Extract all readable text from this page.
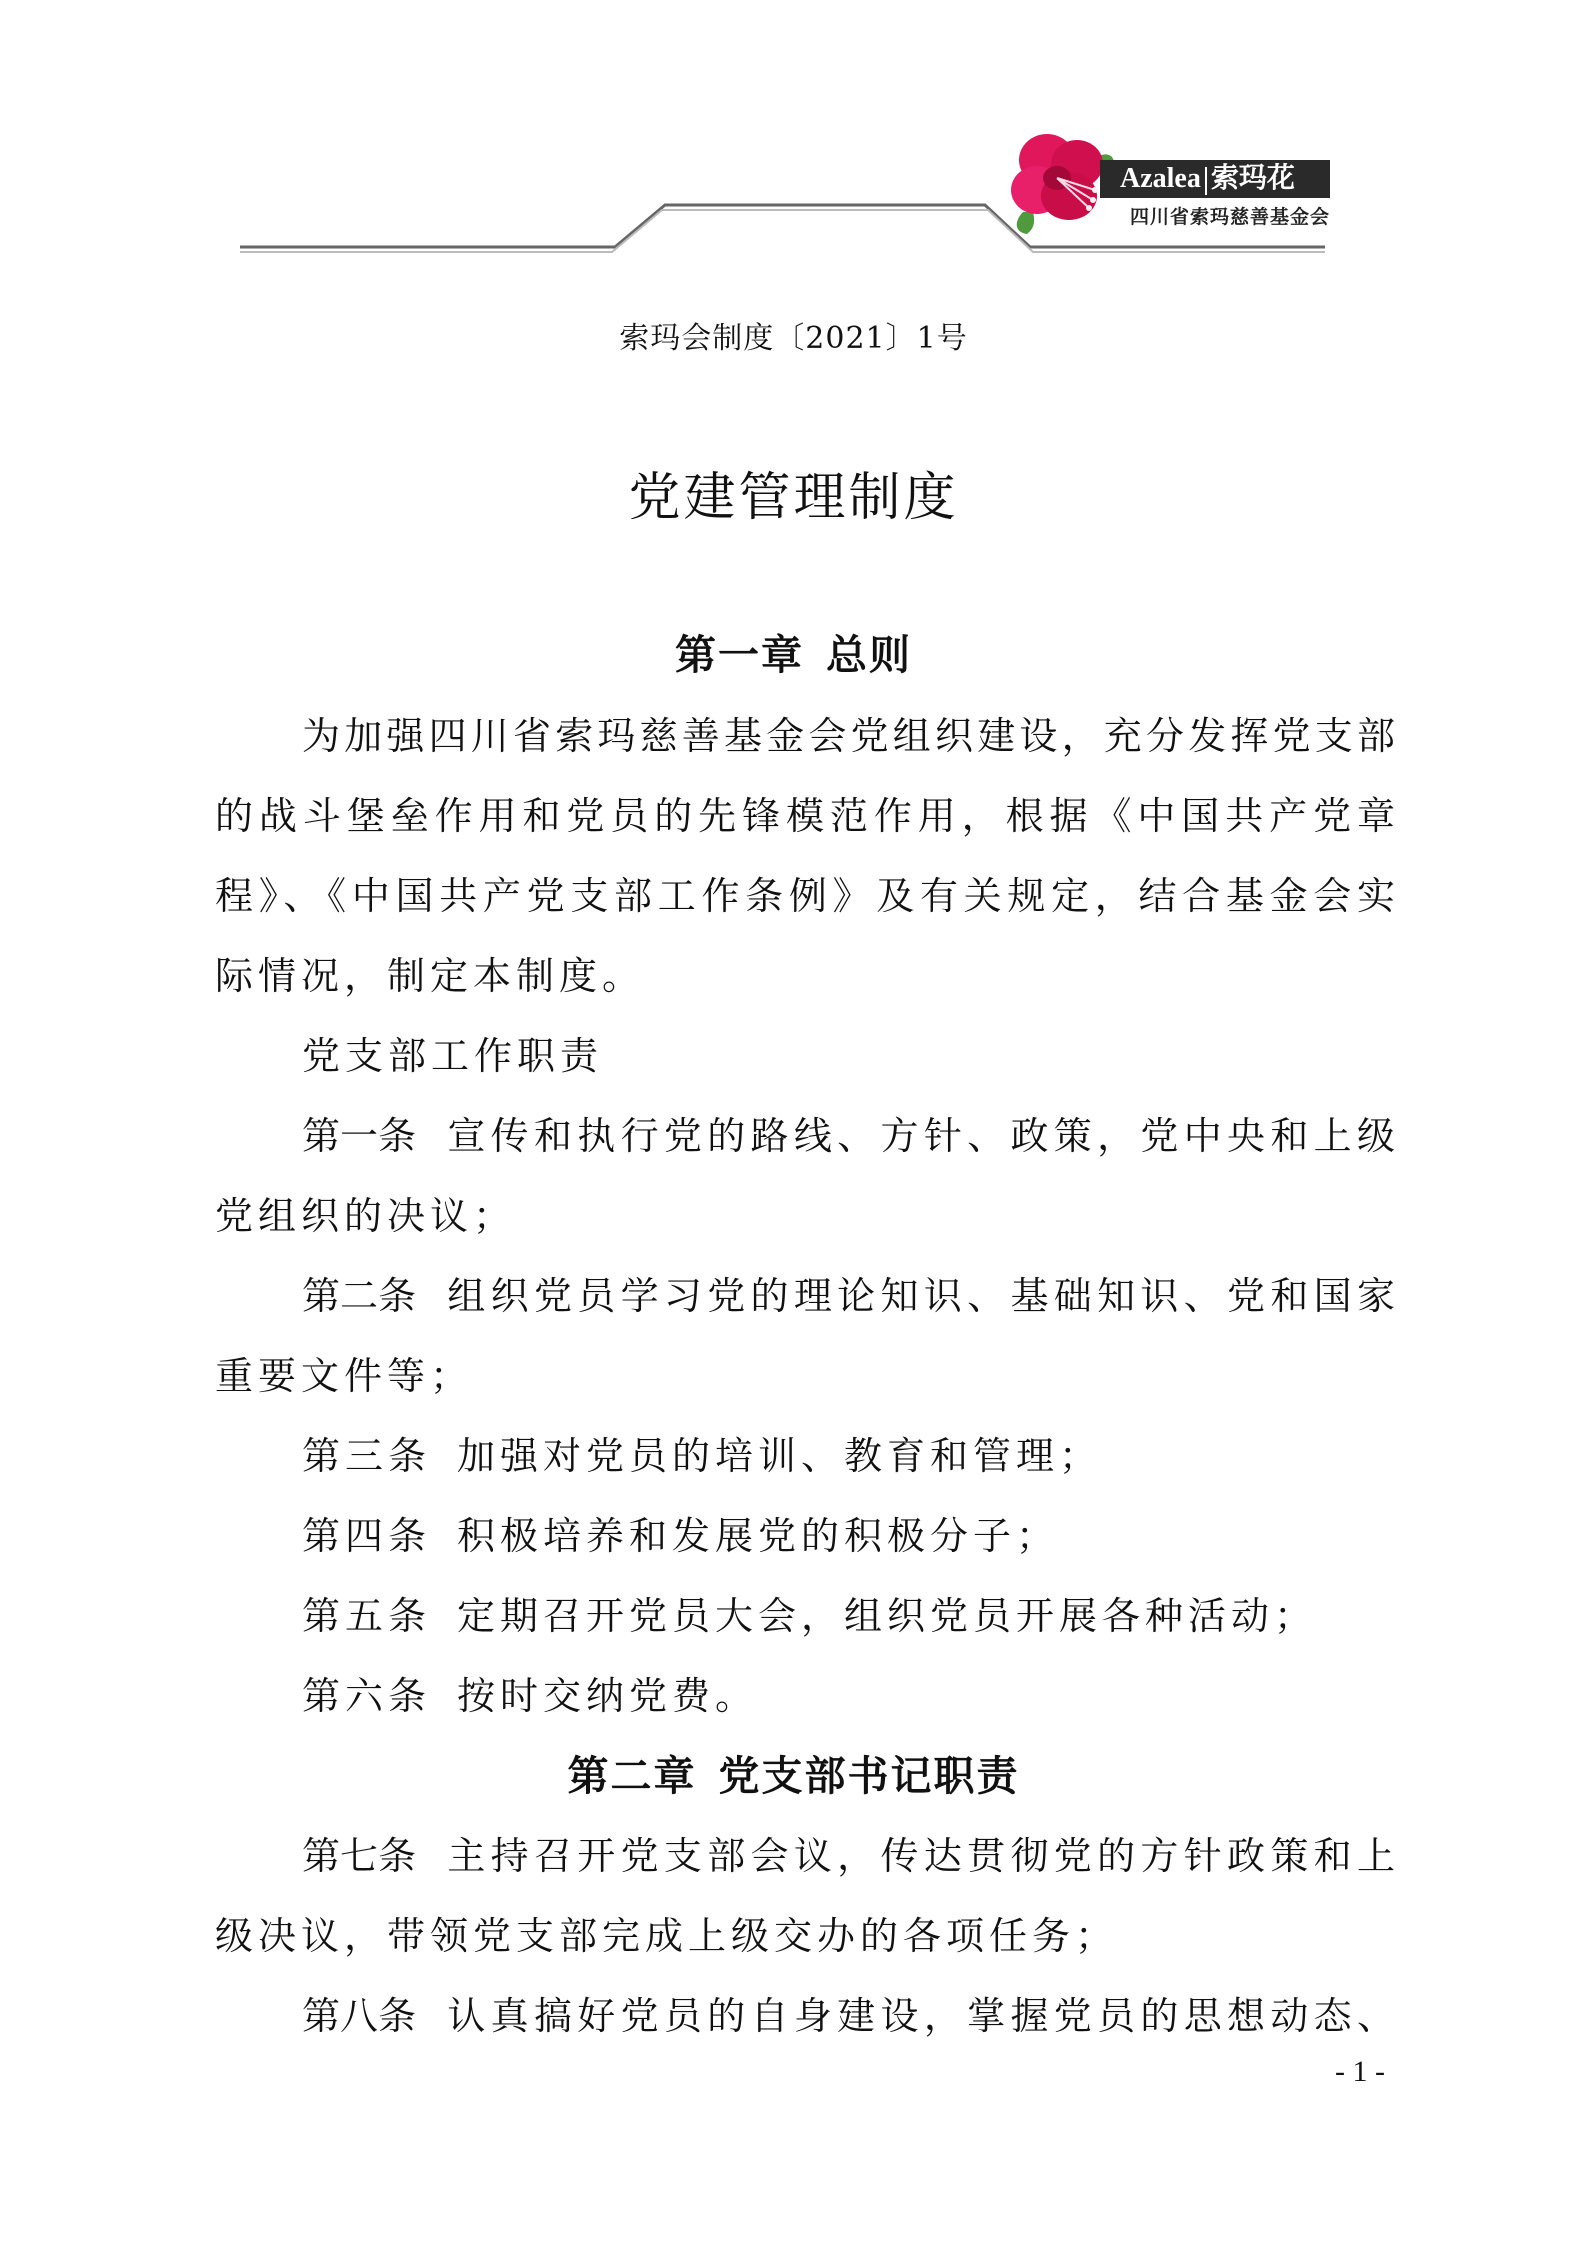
Azalea 索玛花
四川省索玛慈善基金会
索玛会制度〔2021〕1号
党建管理制度
第一章 总则
为加强四川省索玛慈善基金会党组织建设，充分发挥党支部
的战斗堡垒作用和党员的先锋模范作用，根据《中国共产党章
程》、《中国共产党支部工作条例》及有关规定，结合基金会实
际情况，制定本制度。
党支部工作职责
第一条 宣传和执行党的路线、方针、政策，党中央和上级
党组织的决议；
第二条 组织党员学习党的理论知识、基础知识、党和国家
重要文件等；
第三条 加强对党员的培训、教育和管理；
第四条 积极培养和发展党的积极分子；
第五条 定期召开党员大会，组织党员开展各种活动；
第六条 按时交纳党费。
第二章 党支部书记职责
第七条 主持召开党支部会议，传达贯彻党的方针政策和上
级决议，带领党支部完成上级交办的各项任务；
第八条 认真搞好党员的自身建设，掌握党员的思想动态、
- 1 -
